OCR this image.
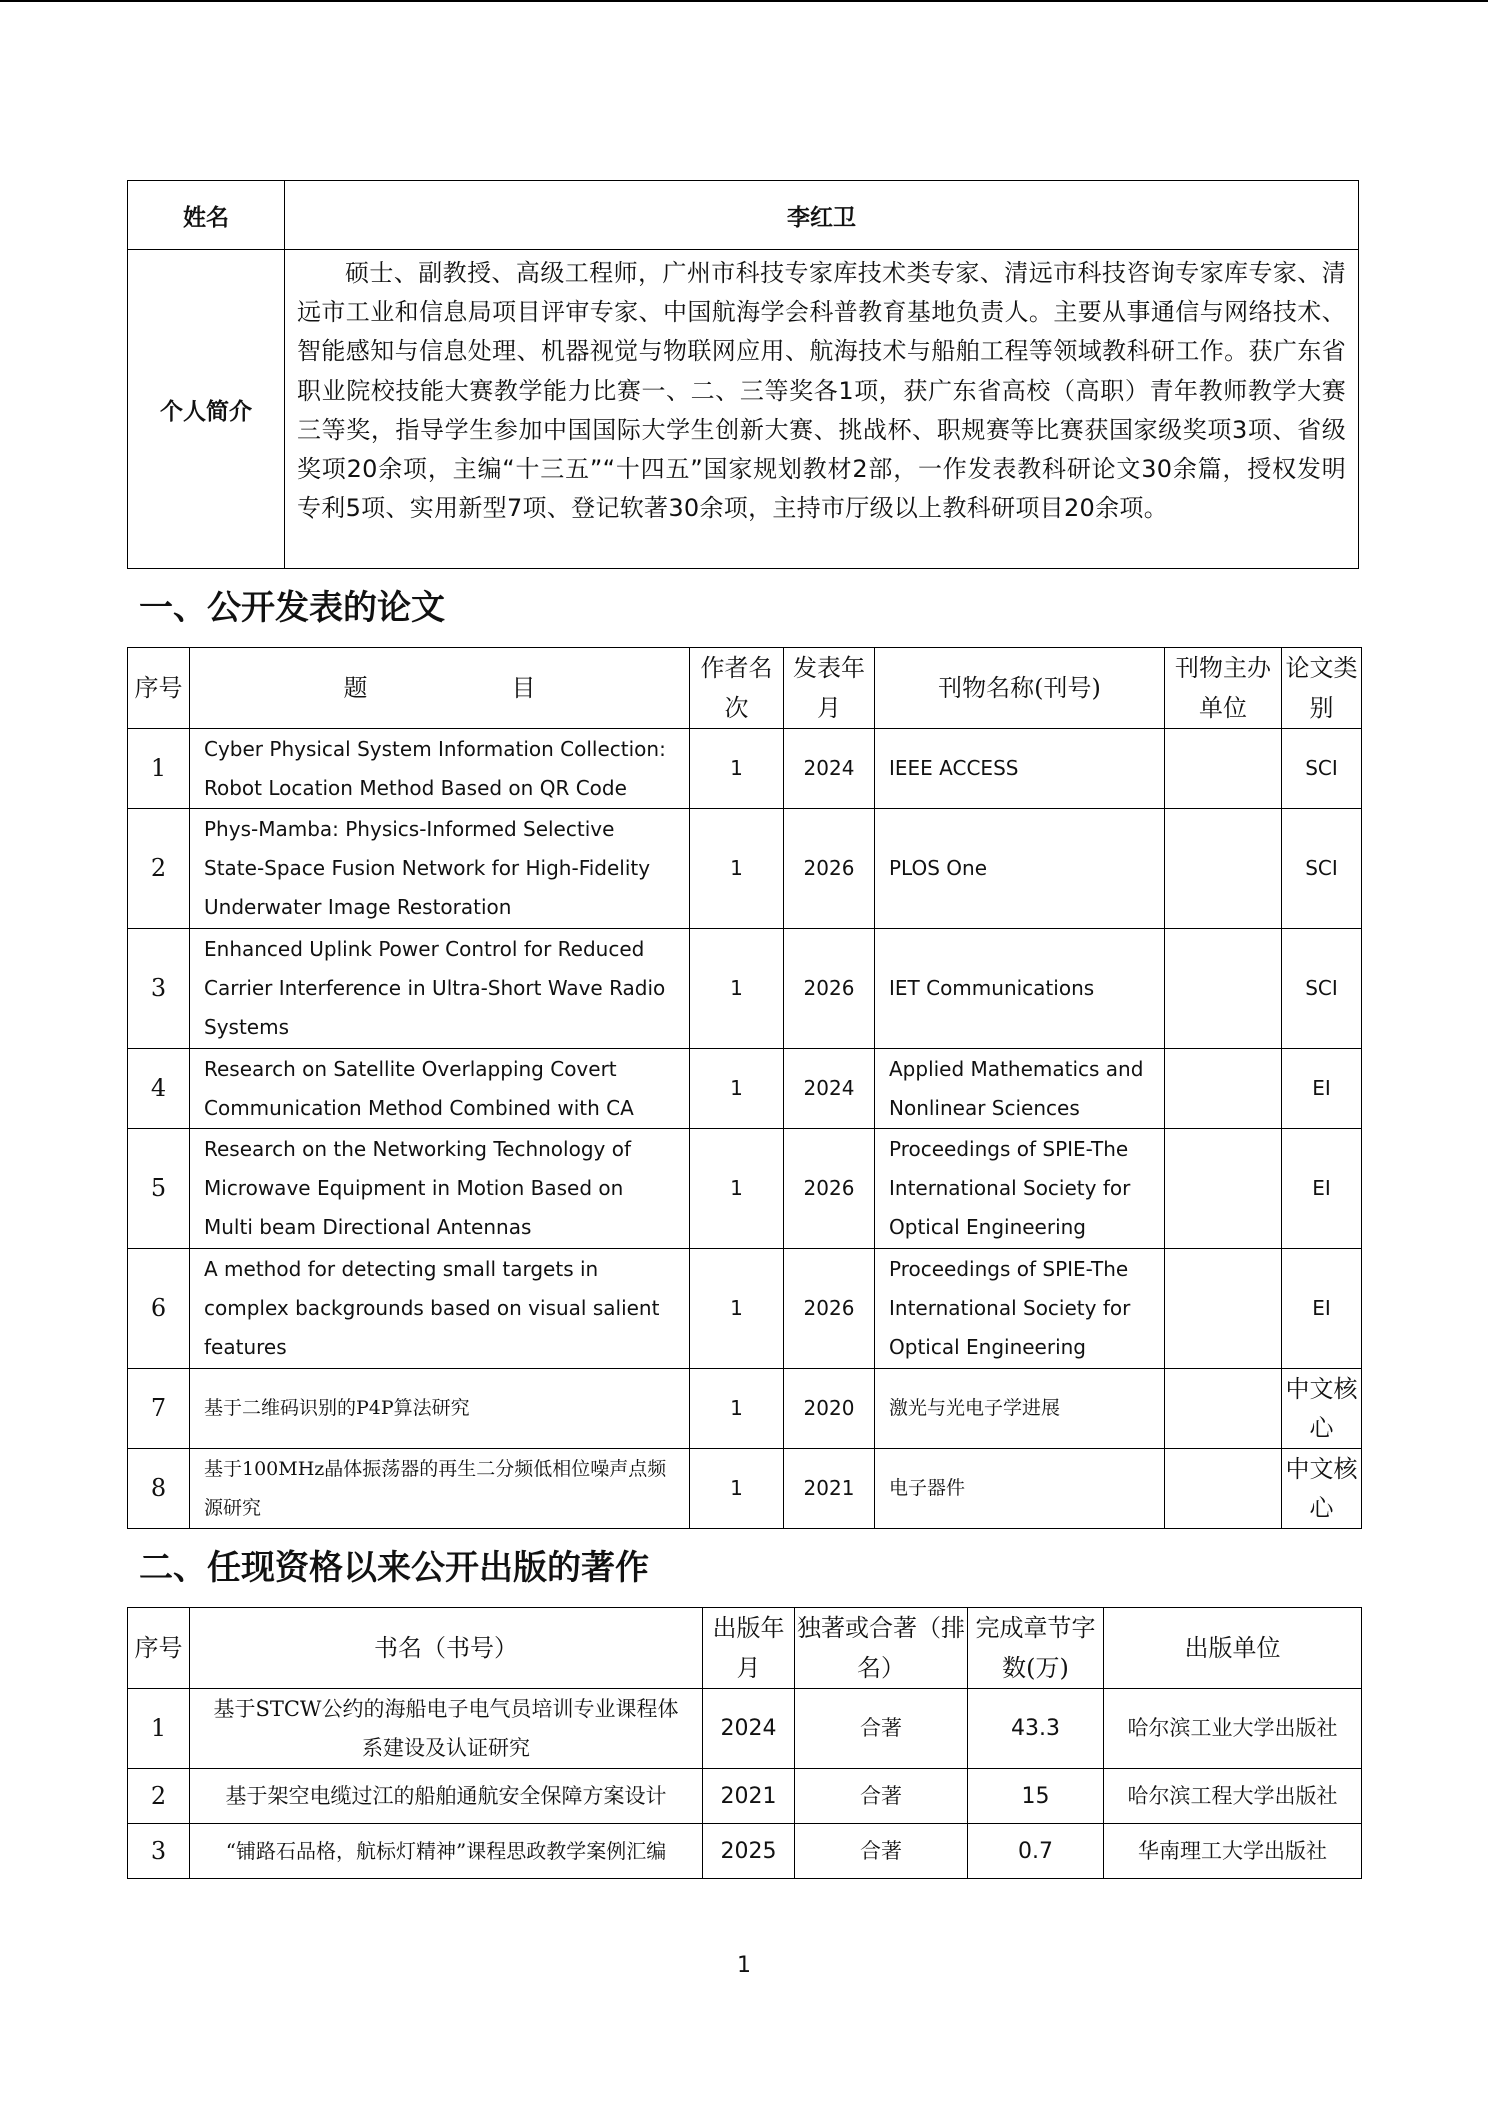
姓名	李红卫
个人简介	硕士、副教授、高级工程师，广州市科技专家库技术类专家、清远市科技咨询专家库专家、清远市工业和信息局项目评审专家、中国航海学会科普教育基地负责人。主要从事通信与网络技术、智能感知与信息处理、机器视觉与物联网应用、航海技术与船舶工程等领域教科研工作。获广东省职业院校技能大赛教学能力比赛一、二、三等奖各1项，获广东省高校（高职）青年教师教学大赛三等奖，指导学生参加中国国际大学生创新大赛、挑战杯、职规赛等比赛获国家级奖项3项、省级奖项20余项，主编“十三五”“十四五”国家规划教材2部，一作发表教科研论文30余篇，授权发明专利5项、实用新型7项、登记软著30余项，主持市厅级以上教科研项目20余项。
一、公开发表的论文
序号	题　　　　　　目	作者名次	发表年月	刊物名称(刊号)	刊物主办单位	论文类别
1	Cyber Physical System Information Collection: Robot Location Method Based on QR Code	1	2024	IEEE ACCESS		SCI
2	Phys-Mamba: Physics-Informed Selective State-Space Fusion Network for High-Fidelity Underwater Image Restoration	1	2026	PLOS One		SCI
3	Enhanced Uplink Power Control for Reduced Carrier Interference in Ultra-Short Wave Radio Systems	1	2026	IET Communications		SCI
4	Research on Satellite Overlapping Covert Communication Method Combined with CA	1	2024	Applied Mathematics and Nonlinear Sciences		EI
5	Research on the Networking Technology of Microwave Equipment in Motion Based on Multi beam Directional Antennas	1	2026	Proceedings of SPIE-The International Society for Optical Engineering		EI
6	A method for detecting small targets in complex backgrounds based on visual salient features	1	2026	Proceedings of SPIE-The International Society for Optical Engineering		EI
7	基于二维码识别的P4P算法研究	1	2020	激光与光电子学进展		中文核心
8	基于100MHz晶体振荡器的再生二分频低相位噪声点频源研究	1	2021	电子器件		中文核心
二、任现资格以来公开出版的著作
序号	书名（书号）	出版年月	独著或合著（排名）	完成章节字数(万)	出版单位
1	基于STCW公约的海船电子电气员培训专业课程体系建设及认证研究	2024	合著	43.3	哈尔滨工业大学出版社
2	基于架空电缆过江的船舶通航安全保障方案设计	2021	合著	15	哈尔滨工程大学出版社
3	“铺路石品格，航标灯精神”课程思政教学案例汇编	2025	合著	0.7	华南理工大学出版社
1
